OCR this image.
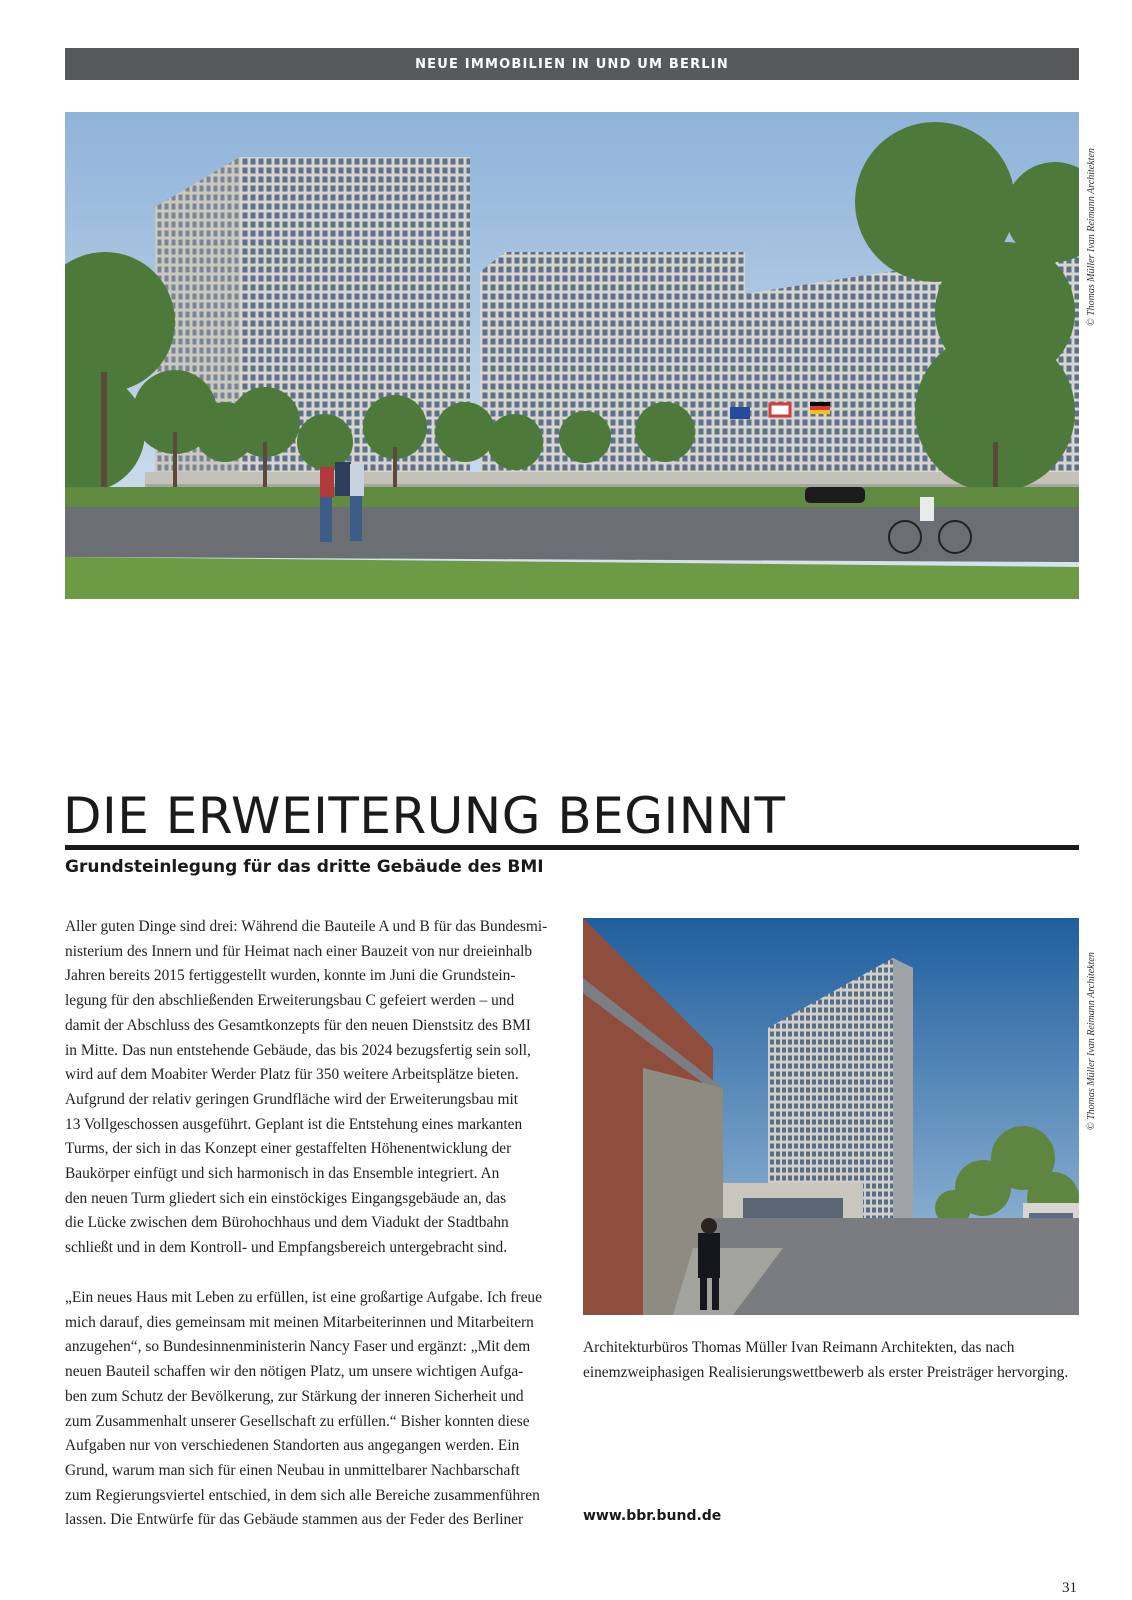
NEUE IMMOBILIEN IN UND UM BERLIN
© Thomas Müller Ivan Reimann Architekten
DIE ERWEITERUNG BEGINNT
Grundsteinlegung für das dritte Gebäude des BMI
Aller guten Dinge sind drei: Während die Bauteile A und B für das Bundesmi-
nisterium des Innern und für Heimat nach einer Bauzeit von nur dreieinhalb
Jahren bereits 2015 fertiggestellt wurden, konnte im Juni die Grundstein-
legung für den abschließenden Erweiterungsbau C gefeiert werden – und
damit der Abschluss des Gesamtkonzepts für den neuen Dienstsitz des BMI
in Mitte. Das nun entstehende Gebäude, das bis 2024 bezugsfertig sein soll,
wird auf dem Moabiter Werder Platz für 350 weitere Arbeitsplätze bieten.
Aufgrund der relativ geringen Grundfläche wird der Erweiterungsbau mit
13 Vollgeschossen ausgeführt. Geplant ist die Entstehung eines markanten
Turms, der sich in das Konzept einer gestaffelten Höhenentwicklung der
Baukörper einfügt und sich harmonisch in das Ensemble integriert. An
den neuen Turm gliedert sich ein einstöckiges Eingangsgebäude an, das
die Lücke zwischen dem Bürohochhaus und dem Viadukt der Stadtbahn
schließt und in dem Kontroll- und Empfangsbereich untergebracht sind.
„Ein neues Haus mit Leben zu erfüllen, ist eine großartige Aufgabe. Ich freue
mich darauf, dies gemeinsam mit meinen Mitarbeiterinnen und Mitarbeitern
anzugehen“, so Bundesinnenministerin Nancy Faser und ergänzt: „Mit dem
neuen Bauteil schaffen wir den nötigen Platz, um unsere wichtigen Aufga-
ben zum Schutz der Bevölkerung, zur Stärkung der inneren Sicherheit und
zum Zusammenhalt unserer Gesellschaft zu erfüllen.“ Bisher konnten diese
Aufgaben nur von verschiedenen Standorten aus angegangen werden. Ein
Grund, warum man sich für einen Neubau in unmittelbarer Nachbarschaft
zum Regierungsviertel entschied, in dem sich alle Bereiche zusammenführen
lassen. Die Entwürfe für das Gebäude stammen aus der Feder des Berliner
© Thomas Müller Ivan Reimann Architekten
Architekturbüros Thomas Müller Ivan Reimann Architekten, das nach einemzweiphasigen Realisierungswettbewerb als erster Preisträger hervorging.
www.bbr.bund.de
31
